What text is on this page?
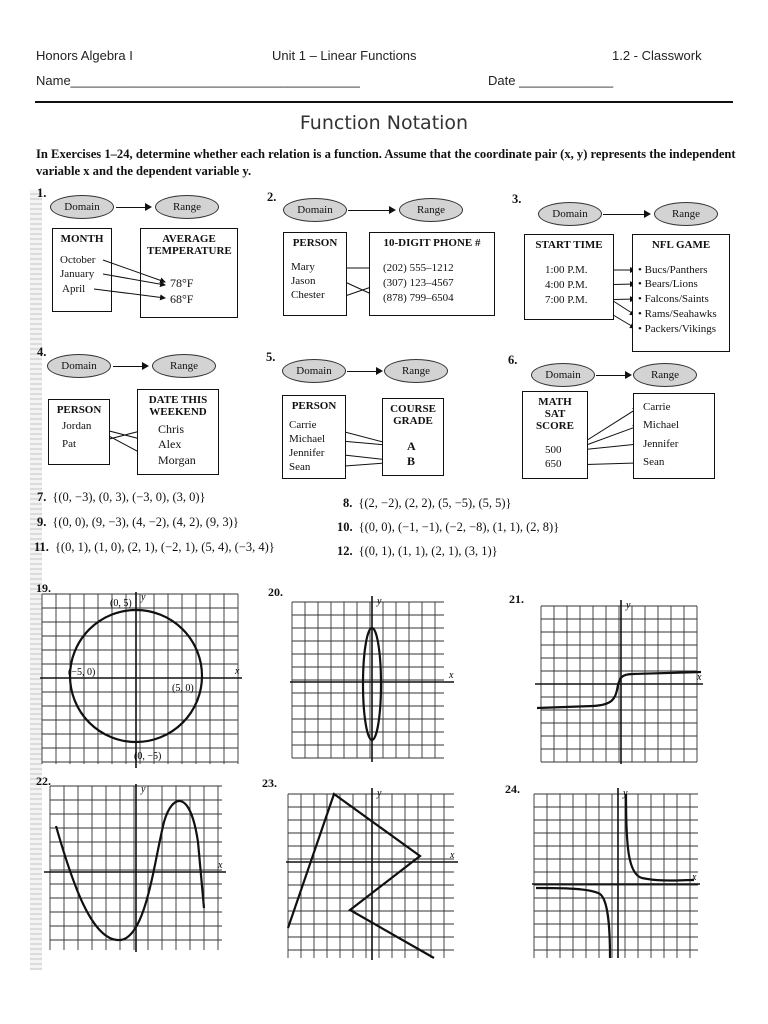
Honors Algebra I	Unit 1 – Linear Functions	1.2 - Classwork
Name________________________________________	Date _____________
Function Notation
In Exercises 1–24, determine whether each relation is a function. Assume that the coordinate pair (x, y) represents the independent variable x and the dependent variable y.
1.
Domain	Range
MONTH
October
January
April
AVERAGE TEMPERATURE
78°F
68°F
2.
Domain	Range
PERSON
Mary
Jason
Chester
10-DIGIT PHONE #
(202) 555–1212
(307) 123–4567
(878) 799–6504
3.
Domain	Range
START TIME
1:00 P.M.
4:00 P.M.
7:00 P.M.
NFL GAME
• Bucs/Panthers
• Bears/Lions
• Falcons/Saints
• Rams/Seahawks
• Packers/Vikings
4.
Domain	Range
PERSON
Jordan
Pat
DATE THIS WEEKEND
Chris
Alex
Morgan
5.
Domain	Range
PERSON
Carrie
Michael
Jennifer
Sean
COURSE GRADE
A
B
6.
Domain	Range
MATH SAT SCORE
500
650
Carrie
Michael
Jennifer
Sean
7. {(0, −3), (0, 3), (−3, 0), (3, 0)}	8. {(2, −2), (2, 2), (5, −5), (5, 5)}
9. {(0, 0), (9, −3), (4, −2), (4, 2), (9, 3)}	10. {(0, 0), (−1, −1), (−2, −8), (1, 1), (2, 8)}
11. {(0, 1), (1, 0), (2, 1), (−2, 1), (5, 4), (−3, 4)}	12. {(0, 1), (1, 1), (2, 1), (3, 1)}
19.	20.	21.
22.	23.	24.
(0, 5)
(−5, 0)
(5, 0)
(0, −5)
x
y
x
y
x
y
x
y
x
y
x
y
